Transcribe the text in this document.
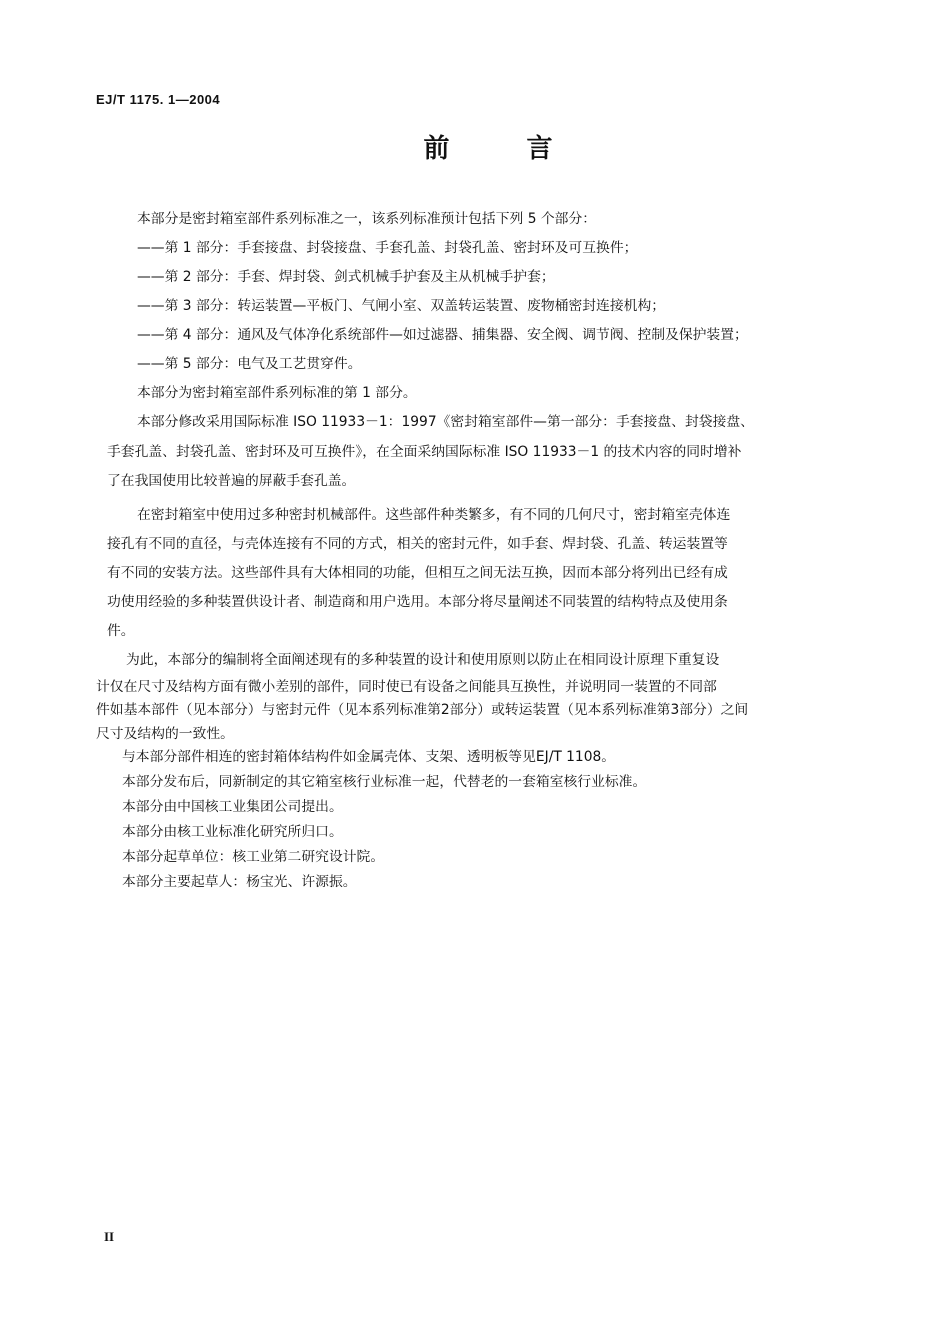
EJ/T 1175. 1—2004
前 言
本部分是密封箱室部件系列标准之一，该系列标准预计包括下列 5 个部分：
——第 1 部分：手套接盘、封袋接盘、手套孔盖、封袋孔盖、密封环及可互换件；
——第 2 部分：手套、焊封袋、剑式机械手护套及主从机械手护套；
——第 3 部分：转运装置—平板门、气闸小室、双盖转运装置、废物桶密封连接机构；
——第 4 部分：通风及气体净化系统部件—如过滤器、捕集器、安全阀、调节阀、控制及保护装置；
——第 5 部分：电气及工艺贯穿件。
本部分为密封箱室部件系列标准的第 1 部分。
本部分修改采用国际标准 ISO 11933－1：1997《密封箱室部件—第一部分：手套接盘、封袋接盘、
手套孔盖、封袋孔盖、密封环及可互换件》，在全面采纳国际标准 ISO 11933－1 的技术内容的同时增补
了在我国使用比较普遍的屏蔽手套孔盖。
在密封箱室中使用过多种密封机械部件。这些部件种类繁多，有不同的几何尺寸，密封箱室壳体连
接孔有不同的直径，与壳体连接有不同的方式，相关的密封元件，如手套、焊封袋、孔盖、转运装置等
有不同的安装方法。这些部件具有大体相同的功能，但相互之间无法互换，因而本部分将列出已经有成
功使用经验的多种装置供设计者、制造商和用户选用。本部分将尽量阐述不同装置的结构特点及使用条
件。
为此，本部分的编制将全面阐述现有的多种装置的设计和使用原则以防止在相同设计原理下重复设
计仅在尺寸及结构方面有微小差别的部件，同时使已有设备之间能具互换性，并说明同一装置的不同部
件如基本部件（见本部分）与密封元件（见本系列标准第2部分）或转运装置（见本系列标准第3部分）之间
尺寸及结构的一致性。
与本部分部件相连的密封箱体结构件如金属壳体、支架、透明板等见EJ/T 1108。
本部分发布后，同新制定的其它箱室核行业标准一起，代替老的一套箱室核行业标准。
本部分由中国核工业集团公司提出。
本部分由核工业标准化研究所归口。
本部分起草单位：核工业第二研究设计院。
本部分主要起草人：杨宝光、许源振。
II
